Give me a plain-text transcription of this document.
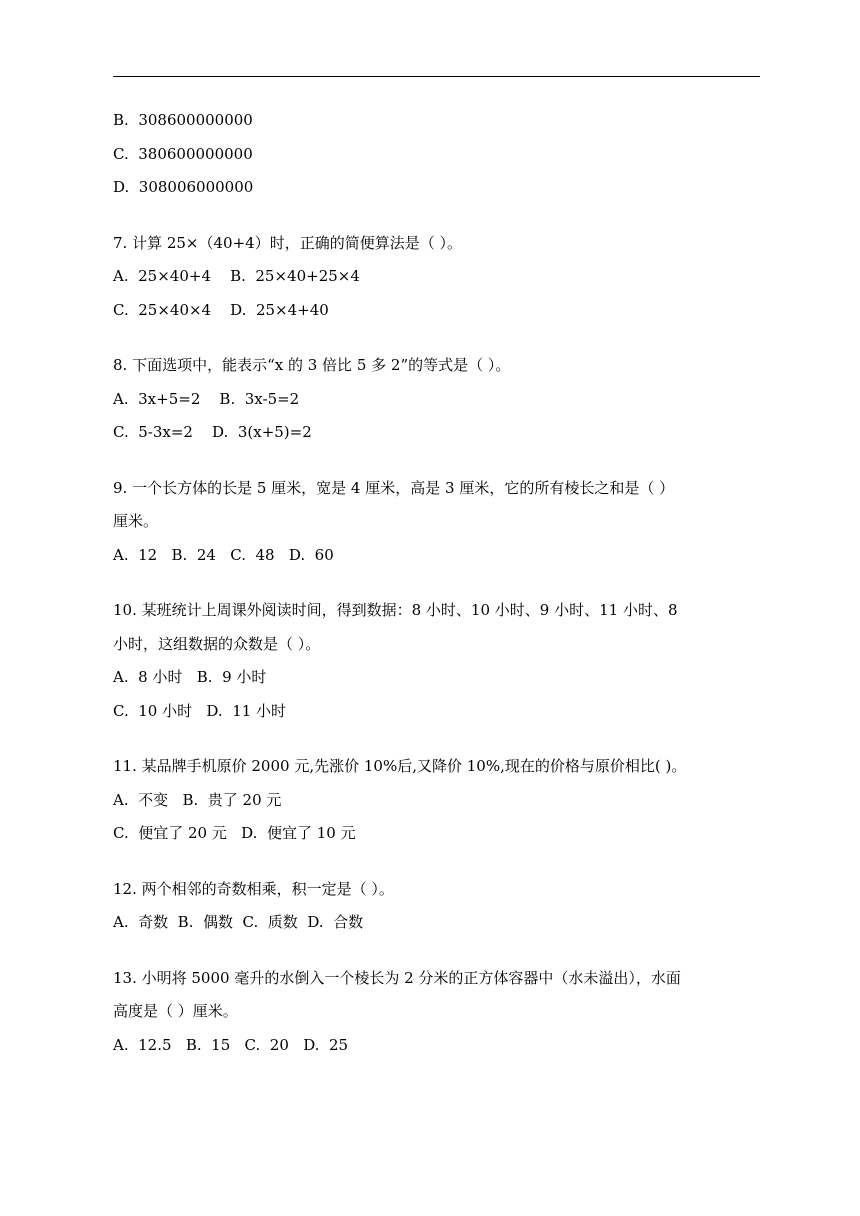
B.  308600000000
C.  380600000000
D.  308006000000
7. 计算 25×（40+4）时，正确的简便算法是（ ）。
A.  25×40+4    B.  25×40+25×4
C.  25×40×4    D.  25×4+40
8. 下面选项中，能表示“x 的 3 倍比 5 多 2”的等式是（ ）。
A.  3x+5=2    B.  3x-5=2
C.  5-3x=2    D.  3(x+5)=2
9. 一个长方体的长是 5 厘米，宽是 4 厘米，高是 3 厘米，它的所有棱长之和是（ ）
厘米。
A.  12   B.  24   C.  48   D.  60
10. 某班统计上周课外阅读时间，得到数据：8 小时、10 小时、9 小时、11 小时、8
小时，这组数据的众数是（ ）。
A.  8 小时   B.  9 小时
C.  10 小时   D.  11 小时
11. 某品牌手机原价 2000 元,先涨价 10%后,又降价 10%,现在的价格与原价相比( )。
A.  不变   B.  贵了 20 元
C.  便宜了 20 元   D.  便宜了 10 元
12. 两个相邻的奇数相乘，积一定是（ ）。
A.  奇数  B.  偶数  C.  质数  D.  合数
13. 小明将 5000 毫升的水倒入一个棱长为 2 分米的正方体容器中（水未溢出），水面
高度是（ ）厘米。
A.  12.5   B.  15   C.  20   D.  25
